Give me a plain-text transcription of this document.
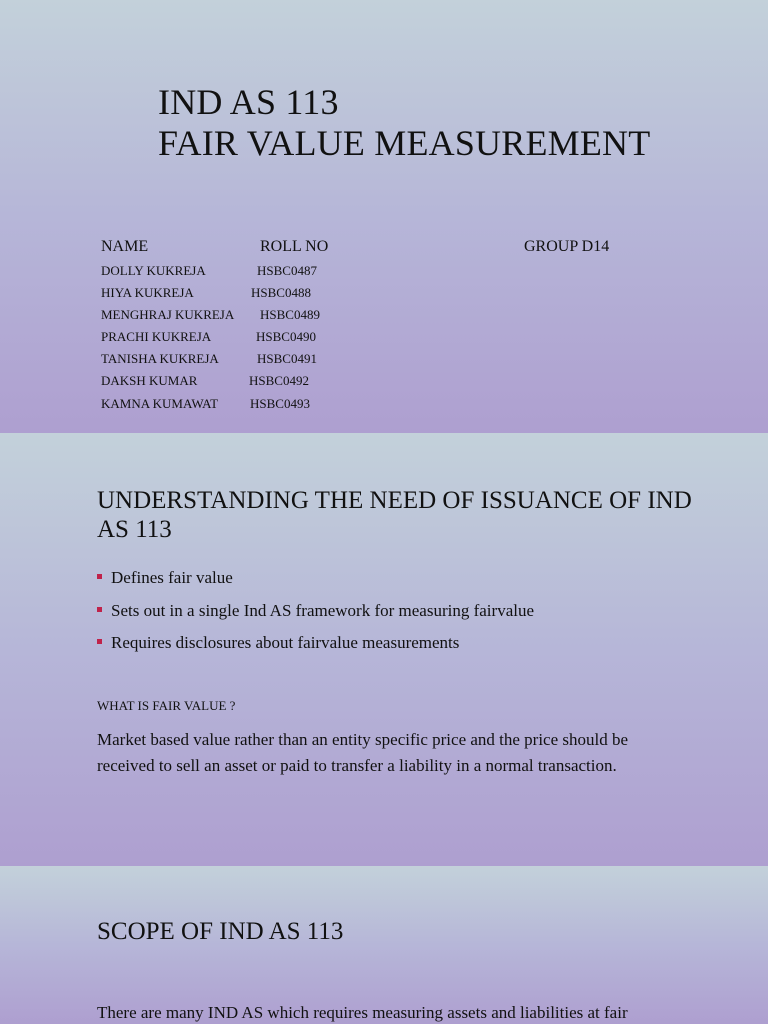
IND AS 113
FAIR VALUE MEASUREMENT
NAME	ROLL NO	GROUP D14
DOLLY KUKREJA	HSBC0487
HIYA KUKREJA	HSBC0488
MENGHRAJ KUKREJA HSBC0489
PRACHI KUKREJA	HSBC0490
TANISHA KUKREJA	HSBC0491
DAKSH KUMAR	HSBC0492
KAMNA KUMAWAT HSBC0493
UNDERSTANDING THE NEED OF ISSUANCE OF IND AS 113
Defines fair value
Sets out in a single Ind AS framework for measuring fairvalue
Requires disclosures about fairvalue measurements
WHAT IS FAIR VALUE ?
Market based value rather than an entity specific price and the price should be received to sell an asset or paid to transfer a liability in a normal transaction.
SCOPE OF IND AS 113
There are many IND AS which requires measuring assets and liabilities at fair
